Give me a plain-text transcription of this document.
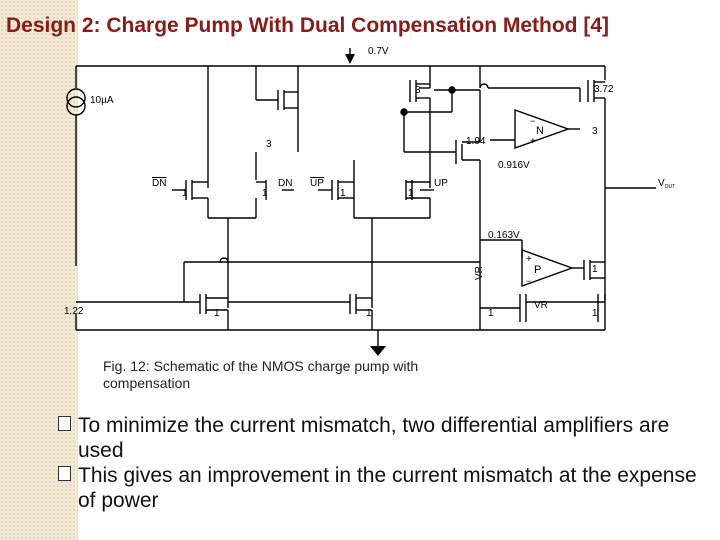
Design 2: Charge Pump With Dual Compensation Method [4]
0.7V
10µA
3
3	3.72
1.94
0.916V
−
+
N	3
DN
1	1
DN UP
1	1
UP	$V_{OUT}$
VR
0.163V
+
−
P	1
1.22	1	1	1
VR
1
Fig. 12: Schematic of the NMOS charge pump with compensation
To minimize the current mismatch, two differential amplifiers are used
This gives an improvement in the current mismatch at the expense of power
